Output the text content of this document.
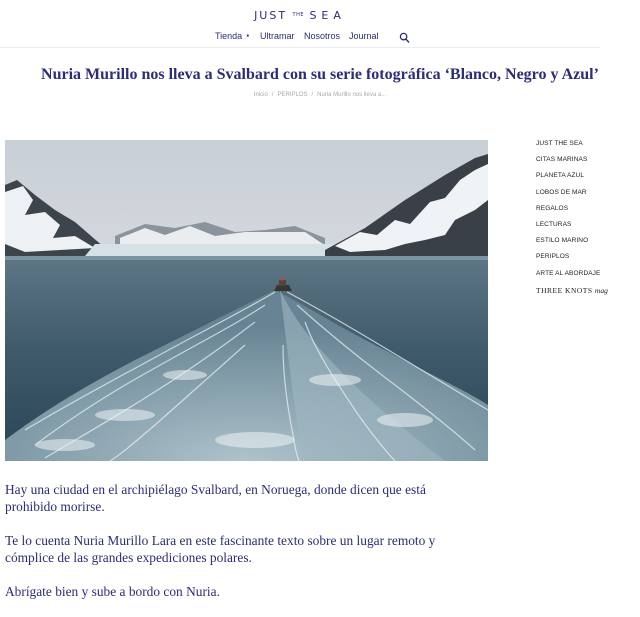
JUST THE SEA
Tienda ● Ultramar Nosotros Journal
Nuria Murillo nos lleva a Svalbard con su serie fotográfica ‘Blanco, Negro y Azul’
Inicio / PERIPLOS / Nuria Murillo nos lleva a...
JUST THE SEA
CITAS MARINAS
PLANETA AZUL
LOBOS DE MAR
REGALOS
LECTURAS
ESTILO MARINO
PERIPLOS
ARTE AL ABORDAJE
THREE KNOTS mag

Hay una ciudad en el archipiélago Svalbard, en Noruega, donde dicen que está prohibido morirse.

Te lo cuenta Nuria Murillo Lara en este fascinante texto sobre un lugar remoto y cómplice de las grandes expediciones polares.

Abrígate bien y sube a bordo con Nuria.
